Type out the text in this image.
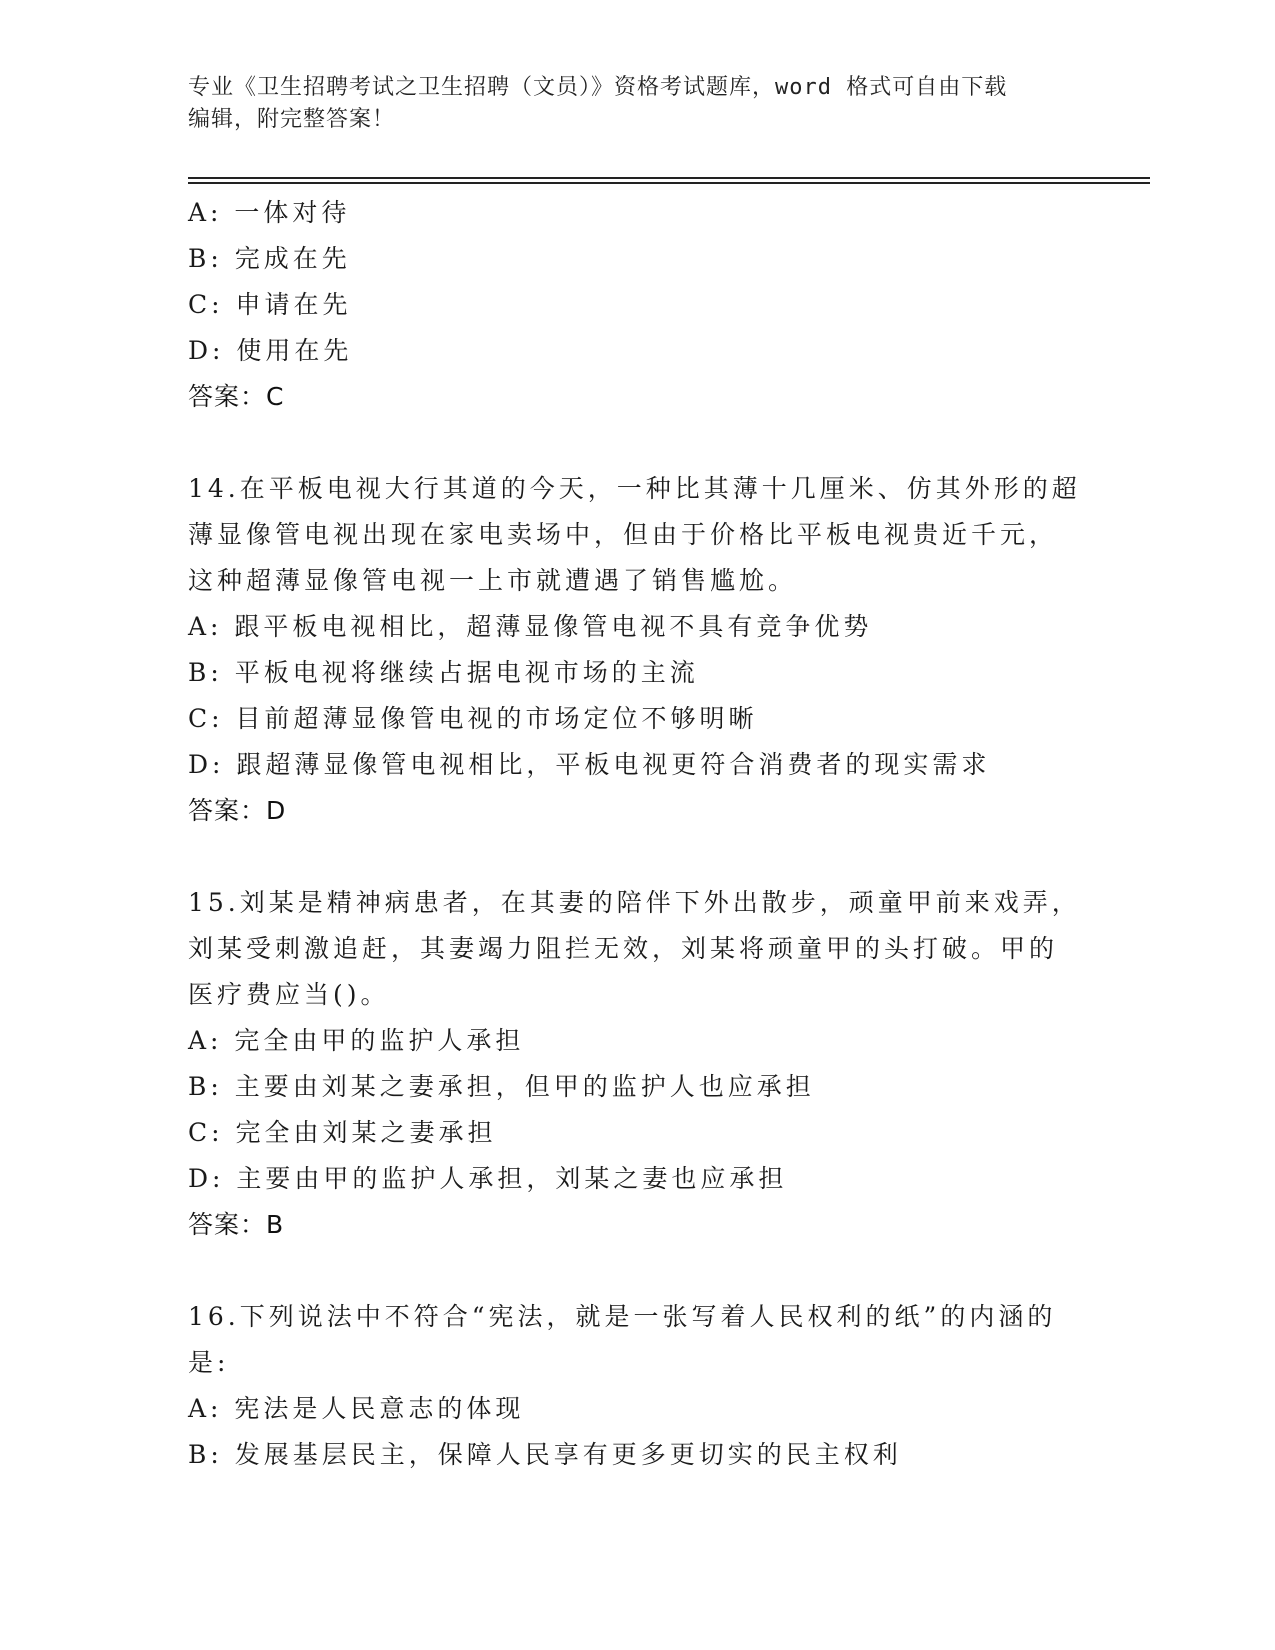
专业《卫生招聘考试之卫生招聘（文员）》资格考试题库，word 格式可自由下载
编辑，附完整答案！
A: 一体对待
B: 完成在先
C: 申请在先
D: 使用在先
答案：C
14.在平板电视大行其道的今天，一种比其薄十几厘米、仿其外形的超
薄显像管电视出现在家电卖场中，但由于价格比平板电视贵近千元，
这种超薄显像管电视一上市就遭遇了销售尴尬。
A: 跟平板电视相比，超薄显像管电视不具有竞争优势
B: 平板电视将继续占据电视市场的主流
C: 目前超薄显像管电视的市场定位不够明晰
D: 跟超薄显像管电视相比，平板电视更符合消费者的现实需求
答案：D
15.刘某是精神病患者，在其妻的陪伴下外出散步，顽童甲前来戏弄，
刘某受刺激追赶，其妻竭力阻拦无效，刘某将顽童甲的头打破。甲的
医疗费应当()。
A: 完全由甲的监护人承担
B: 主要由刘某之妻承担，但甲的监护人也应承担
C: 完全由刘某之妻承担
D: 主要由甲的监护人承担，刘某之妻也应承担
答案：B
16.下列说法中不符合“宪法，就是一张写着人民权利的纸”的内涵的
是:
A: 宪法是人民意志的体现
B: 发展基层民主，保障人民享有更多更切实的民主权利
